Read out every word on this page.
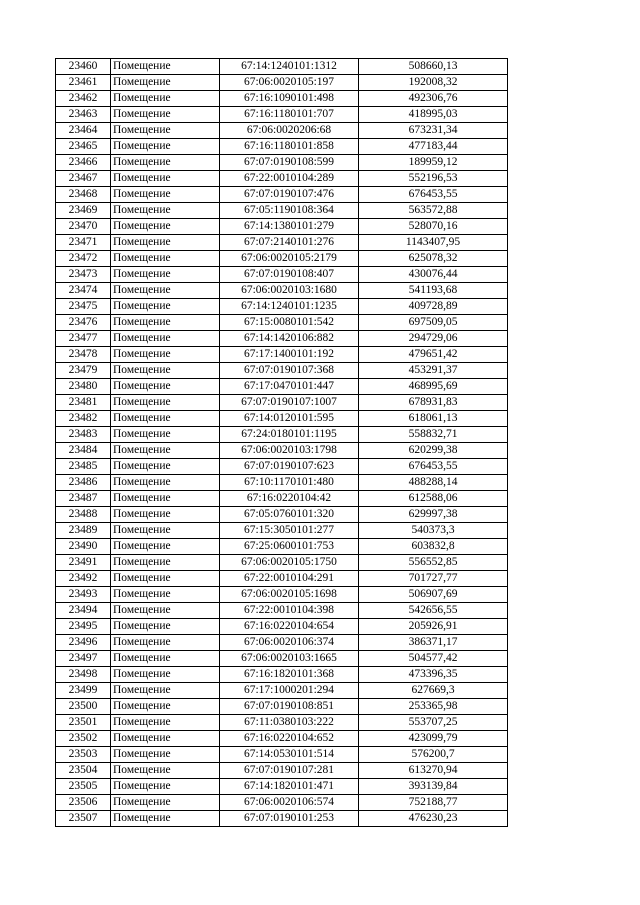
23460	Помещение	67:14:1240101:1312	508660,13
23461	Помещение	67:06:0020105:197	192008,32
23462	Помещение	67:16:1090101:498	492306,76
23463	Помещение	67:16:1180101:707	418995,03
23464	Помещение	67:06:0020206:68	673231,34
23465	Помещение	67:16:1180101:858	477183,44
23466	Помещение	67:07:0190108:599	189959,12
23467	Помещение	67:22:0010104:289	552196,53
23468	Помещение	67:07:0190107:476	676453,55
23469	Помещение	67:05:1190108:364	563572,88
23470	Помещение	67:14:1380101:279	528070,16
23471	Помещение	67:07:2140101:276	1143407,95
23472	Помещение	67:06:0020105:2179	625078,32
23473	Помещение	67:07:0190108:407	430076,44
23474	Помещение	67:06:0020103:1680	541193,68
23475	Помещение	67:14:1240101:1235	409728,89
23476	Помещение	67:15:0080101:542	697509,05
23477	Помещение	67:14:1420106:882	294729,06
23478	Помещение	67:17:1400101:192	479651,42
23479	Помещение	67:07:0190107:368	453291,37
23480	Помещение	67:17:0470101:447	468995,69
23481	Помещение	67:07:0190107:1007	678931,83
23482	Помещение	67:14:0120101:595	618061,13
23483	Помещение	67:24:0180101:1195	558832,71
23484	Помещение	67:06:0020103:1798	620299,38
23485	Помещение	67:07:0190107:623	676453,55
23486	Помещение	67:10:1170101:480	488288,14
23487	Помещение	67:16:0220104:42	612588,06
23488	Помещение	67:05:0760101:320	629997,38
23489	Помещение	67:15:3050101:277	540373,3
23490	Помещение	67:25:0600101:753	603832,8
23491	Помещение	67:06:0020105:1750	556552,85
23492	Помещение	67:22:0010104:291	701727,77
23493	Помещение	67:06:0020105:1698	506907,69
23494	Помещение	67:22:0010104:398	542656,55
23495	Помещение	67:16:0220104:654	205926,91
23496	Помещение	67:06:0020106:374	386371,17
23497	Помещение	67:06:0020103:1665	504577,42
23498	Помещение	67:16:1820101:368	473396,35
23499	Помещение	67:17:1000201:294	627669,3
23500	Помещение	67:07:0190108:851	253365,98
23501	Помещение	67:11:0380103:222	553707,25
23502	Помещение	67:16:0220104:652	423099,79
23503	Помещение	67:14:0530101:514	576200,7
23504	Помещение	67:07:0190107:281	613270,94
23505	Помещение	67:14:1820101:471	393139,84
23506	Помещение	67:06:0020106:574	752188,77
23507	Помещение	67:07:0190101:253	476230,23
